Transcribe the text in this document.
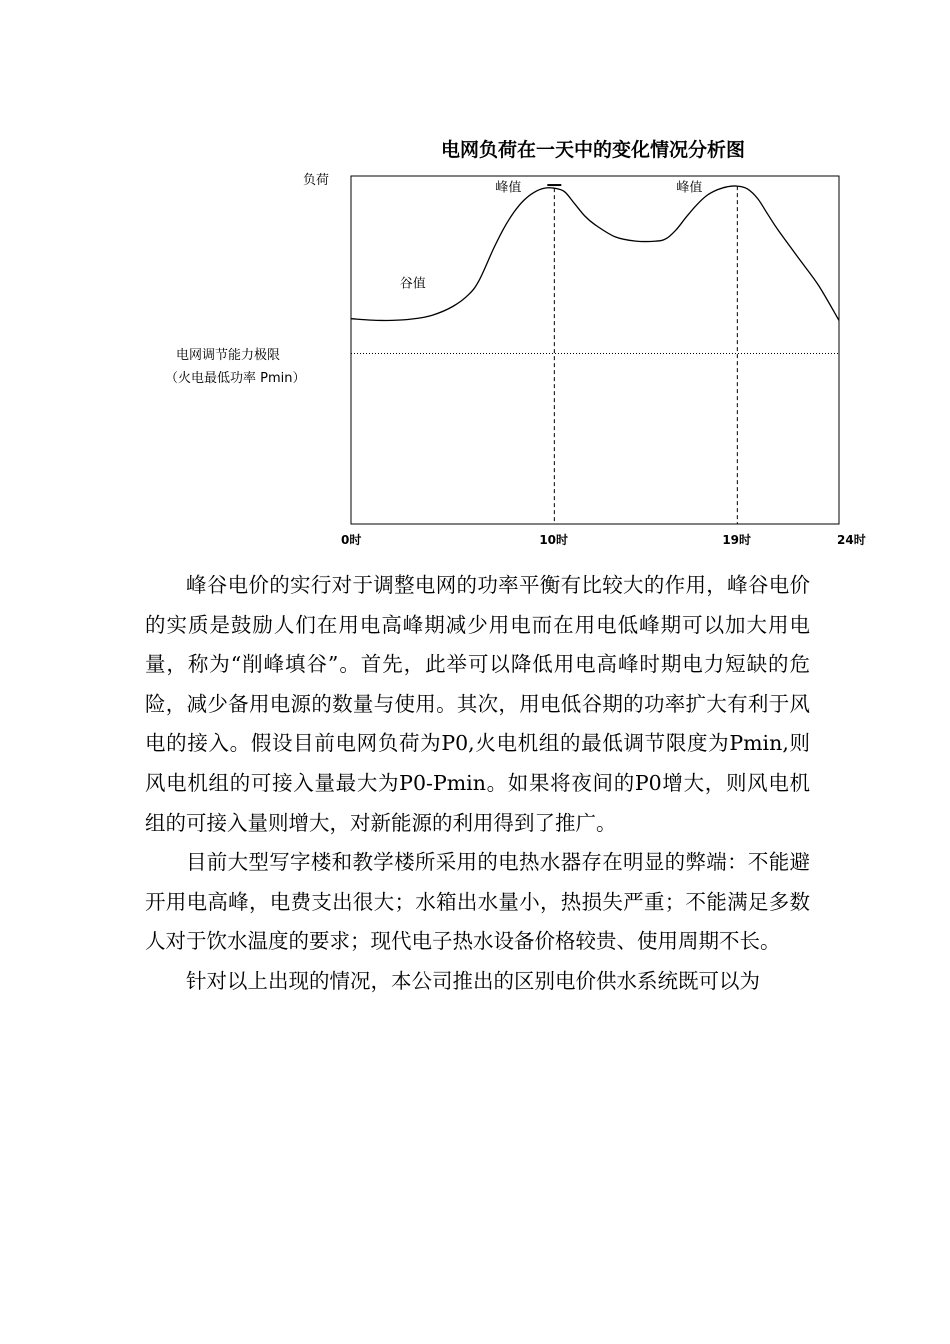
电网负荷在一天中的变化情况分析图
负荷
峰值	峰值
谷值
电网调节能力极限
（火电最低功率 Pmin）
0时	10时	19时	24时

峰谷电价的实行对于调整电网的功率平衡有比较大的作用，峰谷电价的实质是鼓励人们在用电高峰期减少用电而在用电低峰期可以加大用电量，称为“削峰填谷”。首先，此举可以降低用电高峰时期电力短缺的危险，减少备用电源的数量与使用。其次，用电低谷期的功率扩大有利于风电的接入。假设目前电网负荷为P0,火电机组的最低调节限度为Pmin,则风电机组的可接入量最大为P0-Pmin。如果将夜间的P0增大，则风电机组的可接入量则增大，对新能源的利用得到了推广。

目前大型写字楼和教学楼所采用的电热水器存在明显的弊端：不能避开用电高峰，电费支出很大；水箱出水量小，热损失严重；不能满足多数人对于饮水温度的要求；现代电子热水设备价格较贵、使用周期不长。

针对以上出现的情况，本公司推出的区别电价供水系统既可以为
